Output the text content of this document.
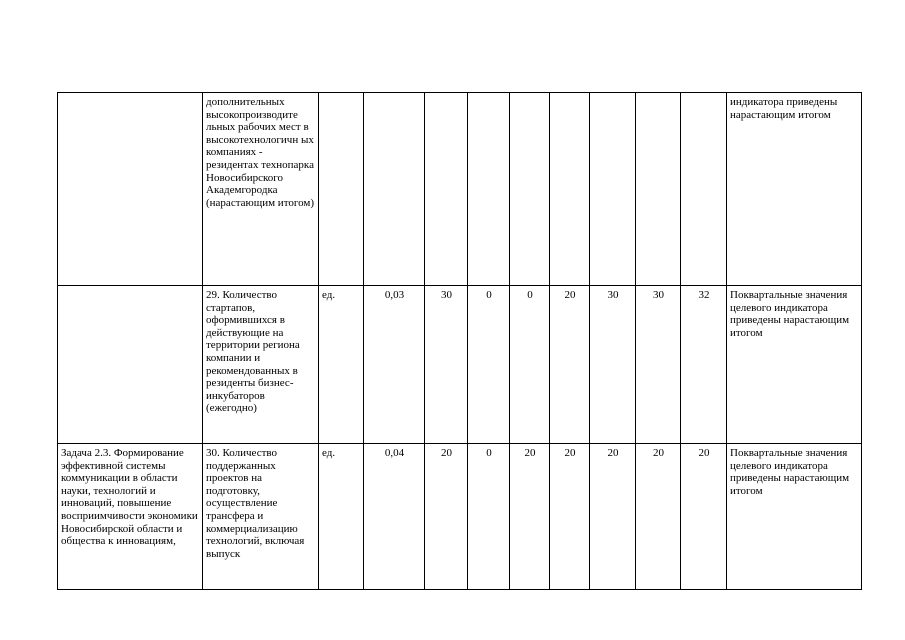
	дополнительных высокопроизводите льных рабочих мест в высокотехнологичн ых компаниях - резидентах технопарка Новосибирского Академгородка (нарастающим итогом)										индикатора приведены нарастающим итогом

	29. Количество стартапов, оформившихся в действующие на территории региона компании и рекомендованных в резиденты бизнес-инкубаторов (ежегодно)	ед.	0,03	30	0	0	20	30	30	32	Поквартальные значения целевого индикатора приведены нарастающим итогом

Задача 2.3. Формирование эффективной системы коммуникации в области науки, технологий и инноваций, повышение восприимчивости экономики Новосибирской области и общества к инновациям,	30. Количество поддержанных проектов на подготовку, осуществление трансфера и коммерциализацию технологий, включая выпуск	ед.	0,04	20	0	20	20	20	20	20	Поквартальные значения целевого индикатора приведены нарастающим итогом
